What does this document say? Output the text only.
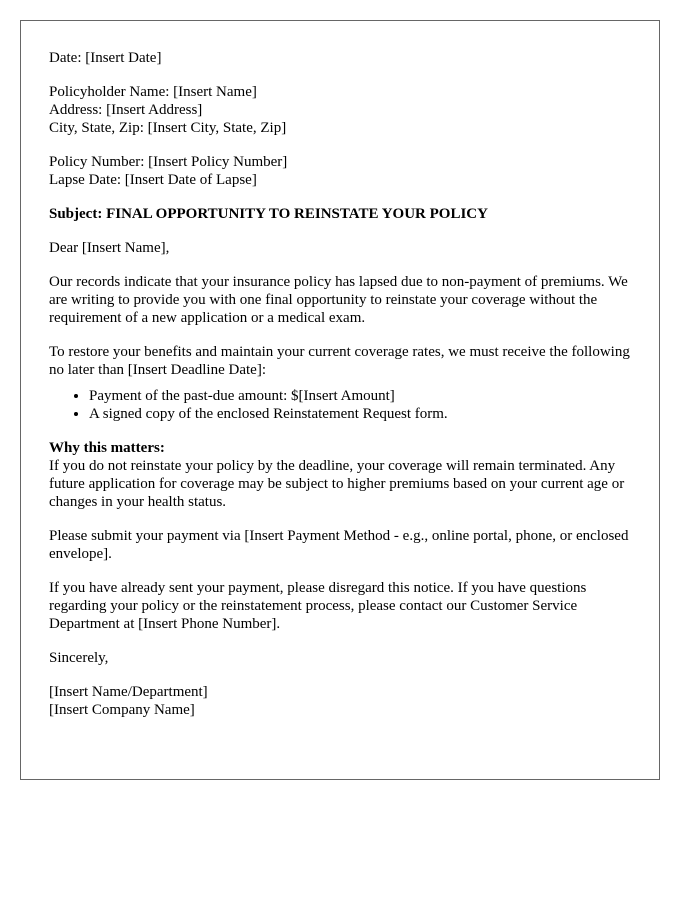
Date: [Insert Date]
Policyholder Name: [Insert Name]
Address: [Insert Address]
City, State, Zip: [Insert City, State, Zip]
Policy Number: [Insert Policy Number]
Lapse Date: [Insert Date of Lapse]
Subject: FINAL OPPORTUNITY TO REINSTATE YOUR POLICY
Dear [Insert Name],

Our records indicate that your insurance policy has lapsed due to non-payment of premiums. We are writing to provide you with one final opportunity to reinstate your coverage without the requirement of a new application or a medical exam.

To restore your benefits and maintain your current coverage rates, we must receive the following no later than [Insert Deadline Date]:

• Payment of the past-due amount: $[Insert Amount]
• A signed copy of the enclosed Reinstatement Request form.
Why this matters:
If you do not reinstate your policy by the deadline, your coverage will remain terminated. Any future application for coverage may be subject to higher premiums based on your current age or changes in your health status.

Please submit your payment via [Insert Payment Method - e.g., online portal, phone, or enclosed envelope].

If you have already sent your payment, please disregard this notice. If you have questions regarding your policy or the reinstatement process, please contact our Customer Service Department at [Insert Phone Number].

Sincerely,
[Insert Name/Department]
[Insert Company Name]
